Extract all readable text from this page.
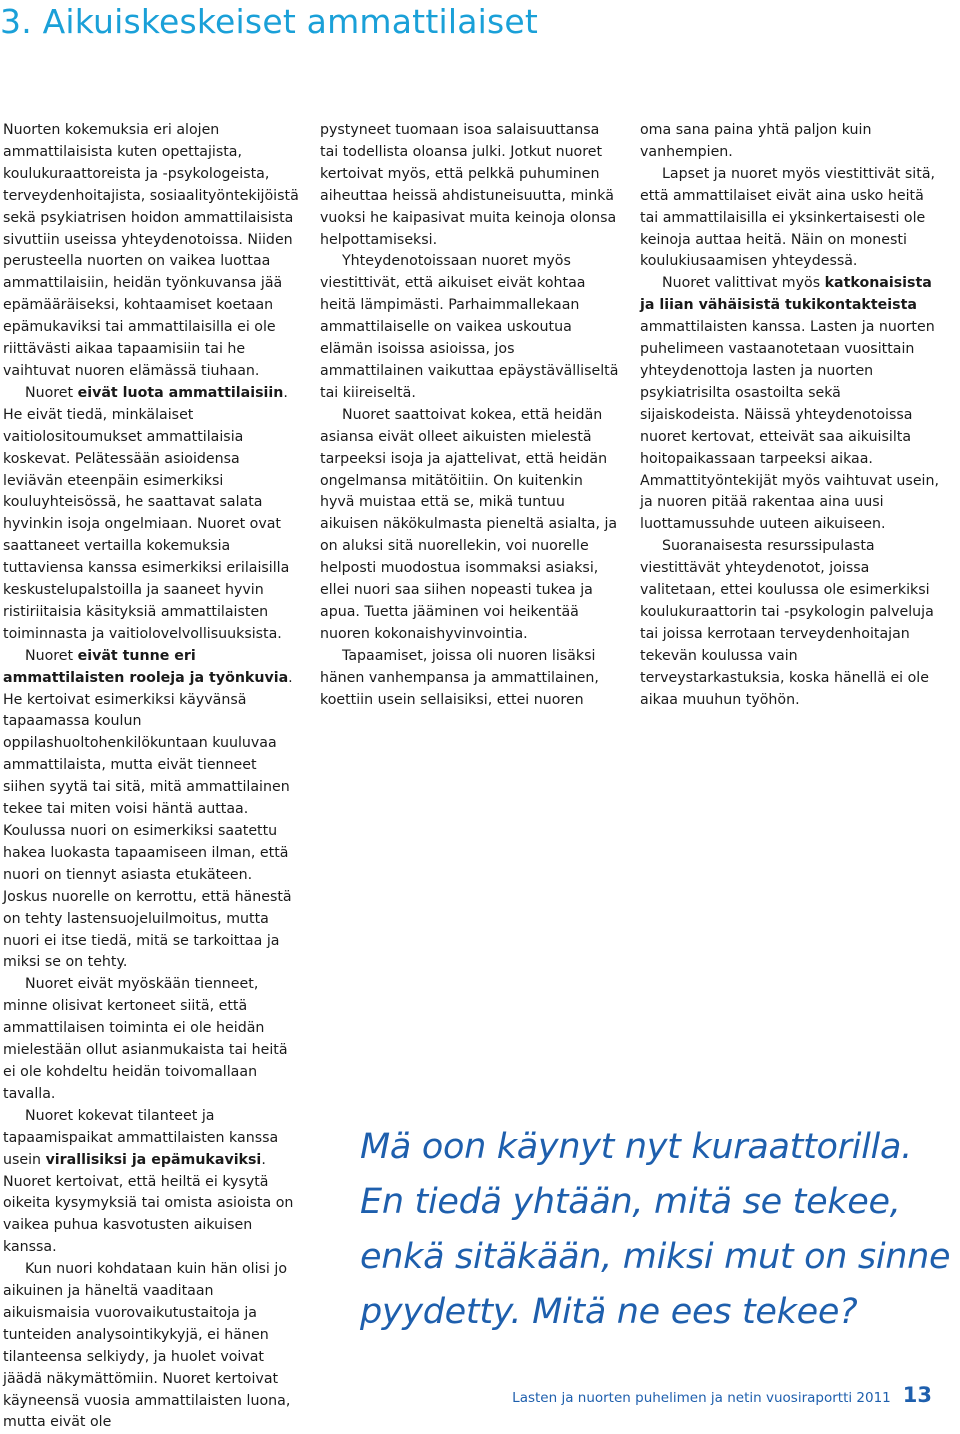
3. Aikuiskeskeiset ammattilaiset

Nuorten kokemuksia eri alojen ammattilaisista kuten opettajista, koulukuraattoreista ja -psykologeista, terveydenhoitajista, sosiaalityöntekijöistä sekä psykiatrisen hoidon ammattilaisista sivuttiin useissa yhteydenotoissa. Niiden perusteella nuorten on vaikea luottaa ammattilaisiin, heidän työnkuvansa jää epämääräiseksi, kohtaamiset koetaan epämukaviksi tai ammattilaisilla ei ole riittävästi aikaa tapaamisiin tai he vaihtuvat nuoren elämässä tiuhaan.

Nuoret eivät luota ammattilaisiin. He eivät tiedä, minkälaiset vaitiolositoumukset ammattilaisia koskevat. Pelätessään asioidensa leviävän eteenpäin esimerkiksi kouluyhteisössä, he saattavat salata hyvinkin isoja ongelmiaan. Nuoret ovat saattaneet vertailla kokemuksia tuttaviensa kanssa esimerkiksi erilaisilla keskustelupalstoilla ja saaneet hyvin ristiriitaisia käsityksiä ammattilaisten toiminnasta ja vaitiolovelvollisuuksista.

Nuoret eivät tunne eri ammattilaisten rooleja ja työnkuvia. He kertoivat esimerkiksi käyvänsä tapaamassa koulun oppilashuoltohenkilökuntaan kuuluvaa ammattilaista, mutta eivät tienneet siihen syytä tai sitä, mitä ammattilainen tekee tai miten voisi häntä auttaa. Koulussa nuori on esimerkiksi saatettu hakea luokasta tapaamiseen ilman, että nuori on tiennyt asiasta etukäteen. Joskus nuorelle on kerrottu, että hänestä on tehty lastensuojeluilmoitus, mutta nuori ei itse tiedä, mitä se tarkoittaa ja miksi se on tehty.

Nuoret eivät myöskään tienneet, minne olisivat kertoneet siitä, että ammattilaisen toiminta ei ole heidän mielestään ollut asianmukaista tai heitä ei ole kohdeltu heidän toivomallaan tavalla.

Nuoret kokevat tilanteet ja tapaamispaikat ammattilaisten kanssa usein virallisiksi ja epämukaviksi. Nuoret kertoivat, että heiltä ei kysytä oikeita kysymyksiä tai omista asioista on vaikea puhua kasvotusten aikuisen kanssa.

Kun nuori kohdataan kuin hän olisi jo aikuinen ja häneltä vaaditaan aikuismaisia vuorovaikutustaitoja ja tunteiden analysointikykyjä, ei hänen tilanteensa selkiydy, ja huolet voivat jäädä näkymättömiin. Nuoret kertoivat käyneensä vuosia ammattilaisten luona, mutta eivät ole

pystyneet tuomaan isoa salaisuuttansa tai todellista oloansa julki. Jotkut nuoret kertoivat myös, että pelkkä puhuminen aiheuttaa heissä ahdistuneisuutta, minkä vuoksi he kaipasivat muita keinoja olonsa helpottamiseksi.

Yhteydenotoissaan nuoret myös viestittivät, että aikuiset eivät kohtaa heitä lämpimästi. Parhaimmallekaan ammattilaiselle on vaikea uskoutua elämän isoissa asioissa, jos ammattilainen vaikuttaa epäystävälliseltä tai kiireiseltä.

Nuoret saattoivat kokea, että heidän asiansa eivät olleet aikuisten mielestä tarpeeksi isoja ja ajattelivat, että heidän ongelmansa mitätöitiin. On kuitenkin hyvä muistaa että se, mikä tuntuu aikuisen näkökulmasta pieneltä asialta, ja on aluksi sitä nuorellekin, voi nuorelle helposti muodostua isommaksi asiaksi, ellei nuori saa siihen nopeasti tukea ja apua. Tuetta jääminen voi heikentää nuoren kokonaishyvinvointia.

Tapaamiset, joissa oli nuoren lisäksi hänen vanhempansa ja ammattilainen, koettiin usein sellaisiksi, ettei nuoren

oma sana paina yhtä paljon kuin vanhempien.

Lapset ja nuoret myös viestittivät sitä, että ammattilaiset eivät aina usko heitä tai ammattilaisilla ei yksinkertaisesti ole keinoja auttaa heitä. Näin on monesti koulukiusaamisen yhteydessä.

Nuoret valittivat myös katkonaisista ja liian vähäisistä tukikontakteista ammattilaisten kanssa. Lasten ja nuorten puhelimeen vastaanotetaan vuosittain yhteydenottoja lasten ja nuorten psykiatrisilta osastoilta sekä sijaiskodeista. Näissä yhteydenotoissa nuoret kertovat, etteivät saa aikuisilta hoitopaikassaan tarpeeksi aikaa. Ammattityöntekijät myös vaihtuvat usein, ja nuoren pitää rakentaa aina uusi luottamussuhde uuteen aikuiseen.

Suoranaisesta resurssipulasta viestittävät yhteydenotot, joissa valitetaan, ettei koulussa ole esimerkiksi koulukuraattorin tai -psykologin palveluja tai joissa kerrotaan terveydenhoitajan tekevän koulussa vain terveystarkastuksia, koska hänellä ei ole aikaa muuhun työhön.

Mä oon käynyt nyt kuraattorilla.
En tiedä yhtään, mitä se tekee,
enkä sitäkään, miksi mut on sinne
pyydetty. Mitä ne ees tekee?
Lasten ja nuorten puhelimen ja netin vuosiraportti 2011 13
